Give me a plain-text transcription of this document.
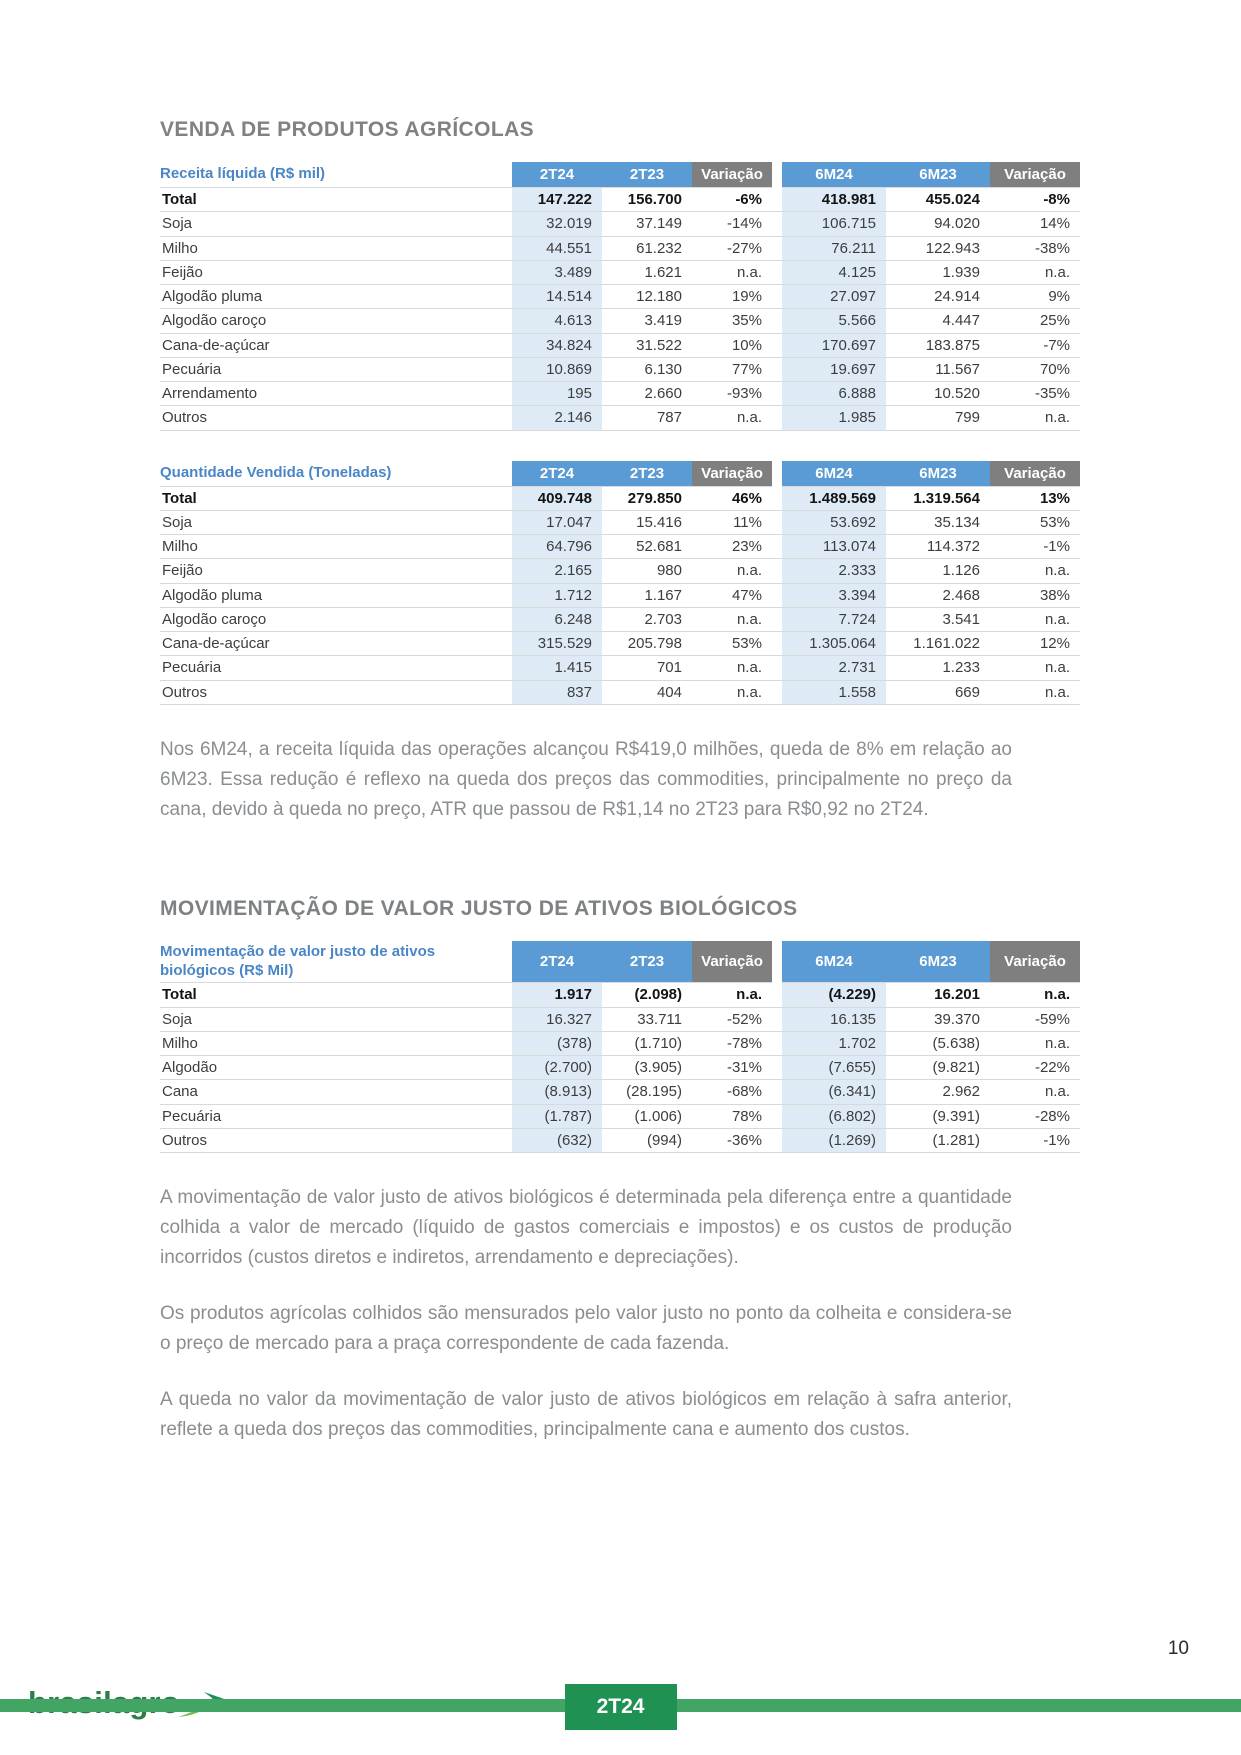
VENDA DE PRODUTOS AGRÍCOLAS
Receita líquida (R$ mil)	2T24	2T23	Variação		6M24	6M23	Variação
Total	147.222	156.700	-6%		418.981	455.024	-8%
Soja	32.019	37.149	-14%		106.715	94.020	14%
Milho	44.551	61.232	-27%		76.211	122.943	-38%
Feijão	3.489	1.621	n.a.		4.125	1.939	n.a.
Algodão pluma	14.514	12.180	19%		27.097	24.914	9%
Algodão caroço	4.613	3.419	35%		5.566	4.447	25%
Cana-de-açúcar	34.824	31.522	10%		170.697	183.875	-7%
Pecuária	10.869	6.130	77%		19.697	11.567	70%
Arrendamento	195	2.660	-93%		6.888	10.520	-35%
Outros	2.146	787	n.a.		1.985	799	n.a.
Quantidade Vendida (Toneladas)	2T24	2T23	Variação		6M24	6M23	Variação
Total	409.748	279.850	46%		1.489.569	1.319.564	13%
Soja	17.047	15.416	11%		53.692	35.134	53%
Milho	64.796	52.681	23%		113.074	114.372	-1%
Feijão	2.165	980	n.a.		2.333	1.126	n.a.
Algodão pluma	1.712	1.167	47%		3.394	2.468	38%
Algodão caroço	6.248	2.703	n.a.		7.724	3.541	n.a.
Cana-de-açúcar	315.529	205.798	53%		1.305.064	1.161.022	12%
Pecuária	1.415	701	n.a.		2.731	1.233	n.a.
Outros	837	404	n.a.		1.558	669	n.a.

Nos 6M24, a receita líquida das operações alcançou R$419,0 milhões, queda de 8% em relação ao 6M23. Essa redução é reflexo na queda dos preços das commodities, principalmente no preço da cana, devido à queda no preço, ATR que passou de R$1,14 no 2T23 para R$0,92 no 2T24.

MOVIMENTAÇÃO DE VALOR JUSTO DE ATIVOS BIOLÓGICOS
Movimentação de valor justo de ativos biológicos (R$ Mil)	2T24	2T23	Variação		6M24	6M23	Variação
Total	1.917	(2.098)	n.a.		(4.229)	16.201	n.a.
Soja	16.327	33.711	-52%		16.135	39.370	-59%
Milho	(378)	(1.710)	-78%		1.702	(5.638)	n.a.
Algodão	(2.700)	(3.905)	-31%		(7.655)	(9.821)	-22%
Cana	(8.913)	(28.195)	-68%		(6.341)	2.962	n.a.
Pecuária	(1.787)	(1.006)	78%		(6.802)	(9.391)	-28%
Outros	(632)	(994)	-36%		(1.269)	(1.281)	-1%

A movimentação de valor justo de ativos biológicos é determinada pela diferença entre a quantidade colhida a valor de mercado (líquido de gastos comerciais e impostos) e os custos de produção incorridos (custos diretos e indiretos, arrendamento e depreciações).

Os produtos agrícolas colhidos são mensurados pelo valor justo no ponto da colheita e considera-se o preço de mercado para a praça correspondente de cada fazenda.

A queda no valor da movimentação de valor justo de ativos biológicos em relação à safra anterior, reflete a queda dos preços das commodities, principalmente cana e aumento dos custos.

10
2T24
